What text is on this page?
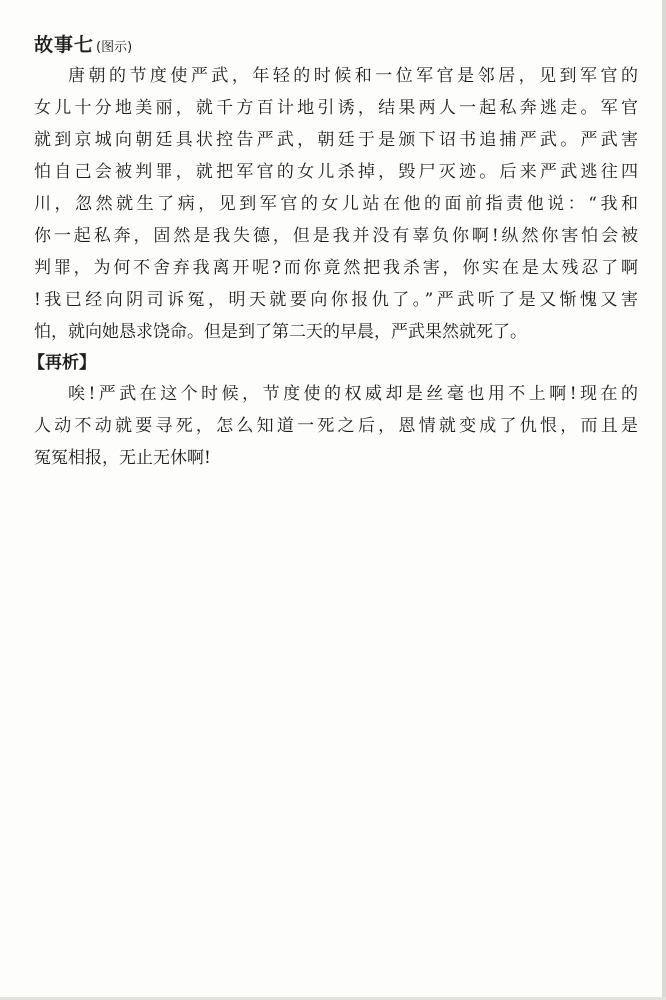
故事七 (图示)
唐朝的节度使严武，年轻的时候和一位军官是邻居，见到军官的
女儿十分地美丽，就千方百计地引诱，结果两人一起私奔逃走。军官
就到京城向朝廷具状控告严武，朝廷于是颁下诏书追捕严武。严武害
怕自己会被判罪，就把军官的女儿杀掉，毁尸灭迹。后来严武逃往四
川，忽然就生了病，见到军官的女儿站在他的面前指责他说：“我和
你一起私奔，固然是我失德，但是我并没有辜负你啊!纵然你害怕会被
判罪，为何不舍弃我离开呢?而你竟然把我杀害，你实在是太残忍了啊
!我已经向阴司诉冤，明天就要向你报仇了。”严武听了是又惭愧又害
怕，就向她恳求饶命。但是到了第二天的早晨，严武果然就死了。
【再析】
唉!严武在这个时候，节度使的权威却是丝毫也用不上啊!现在的
人动不动就要寻死，怎么知道一死之后，恩情就变成了仇恨，而且是
冤冤相报，无止无休啊!
